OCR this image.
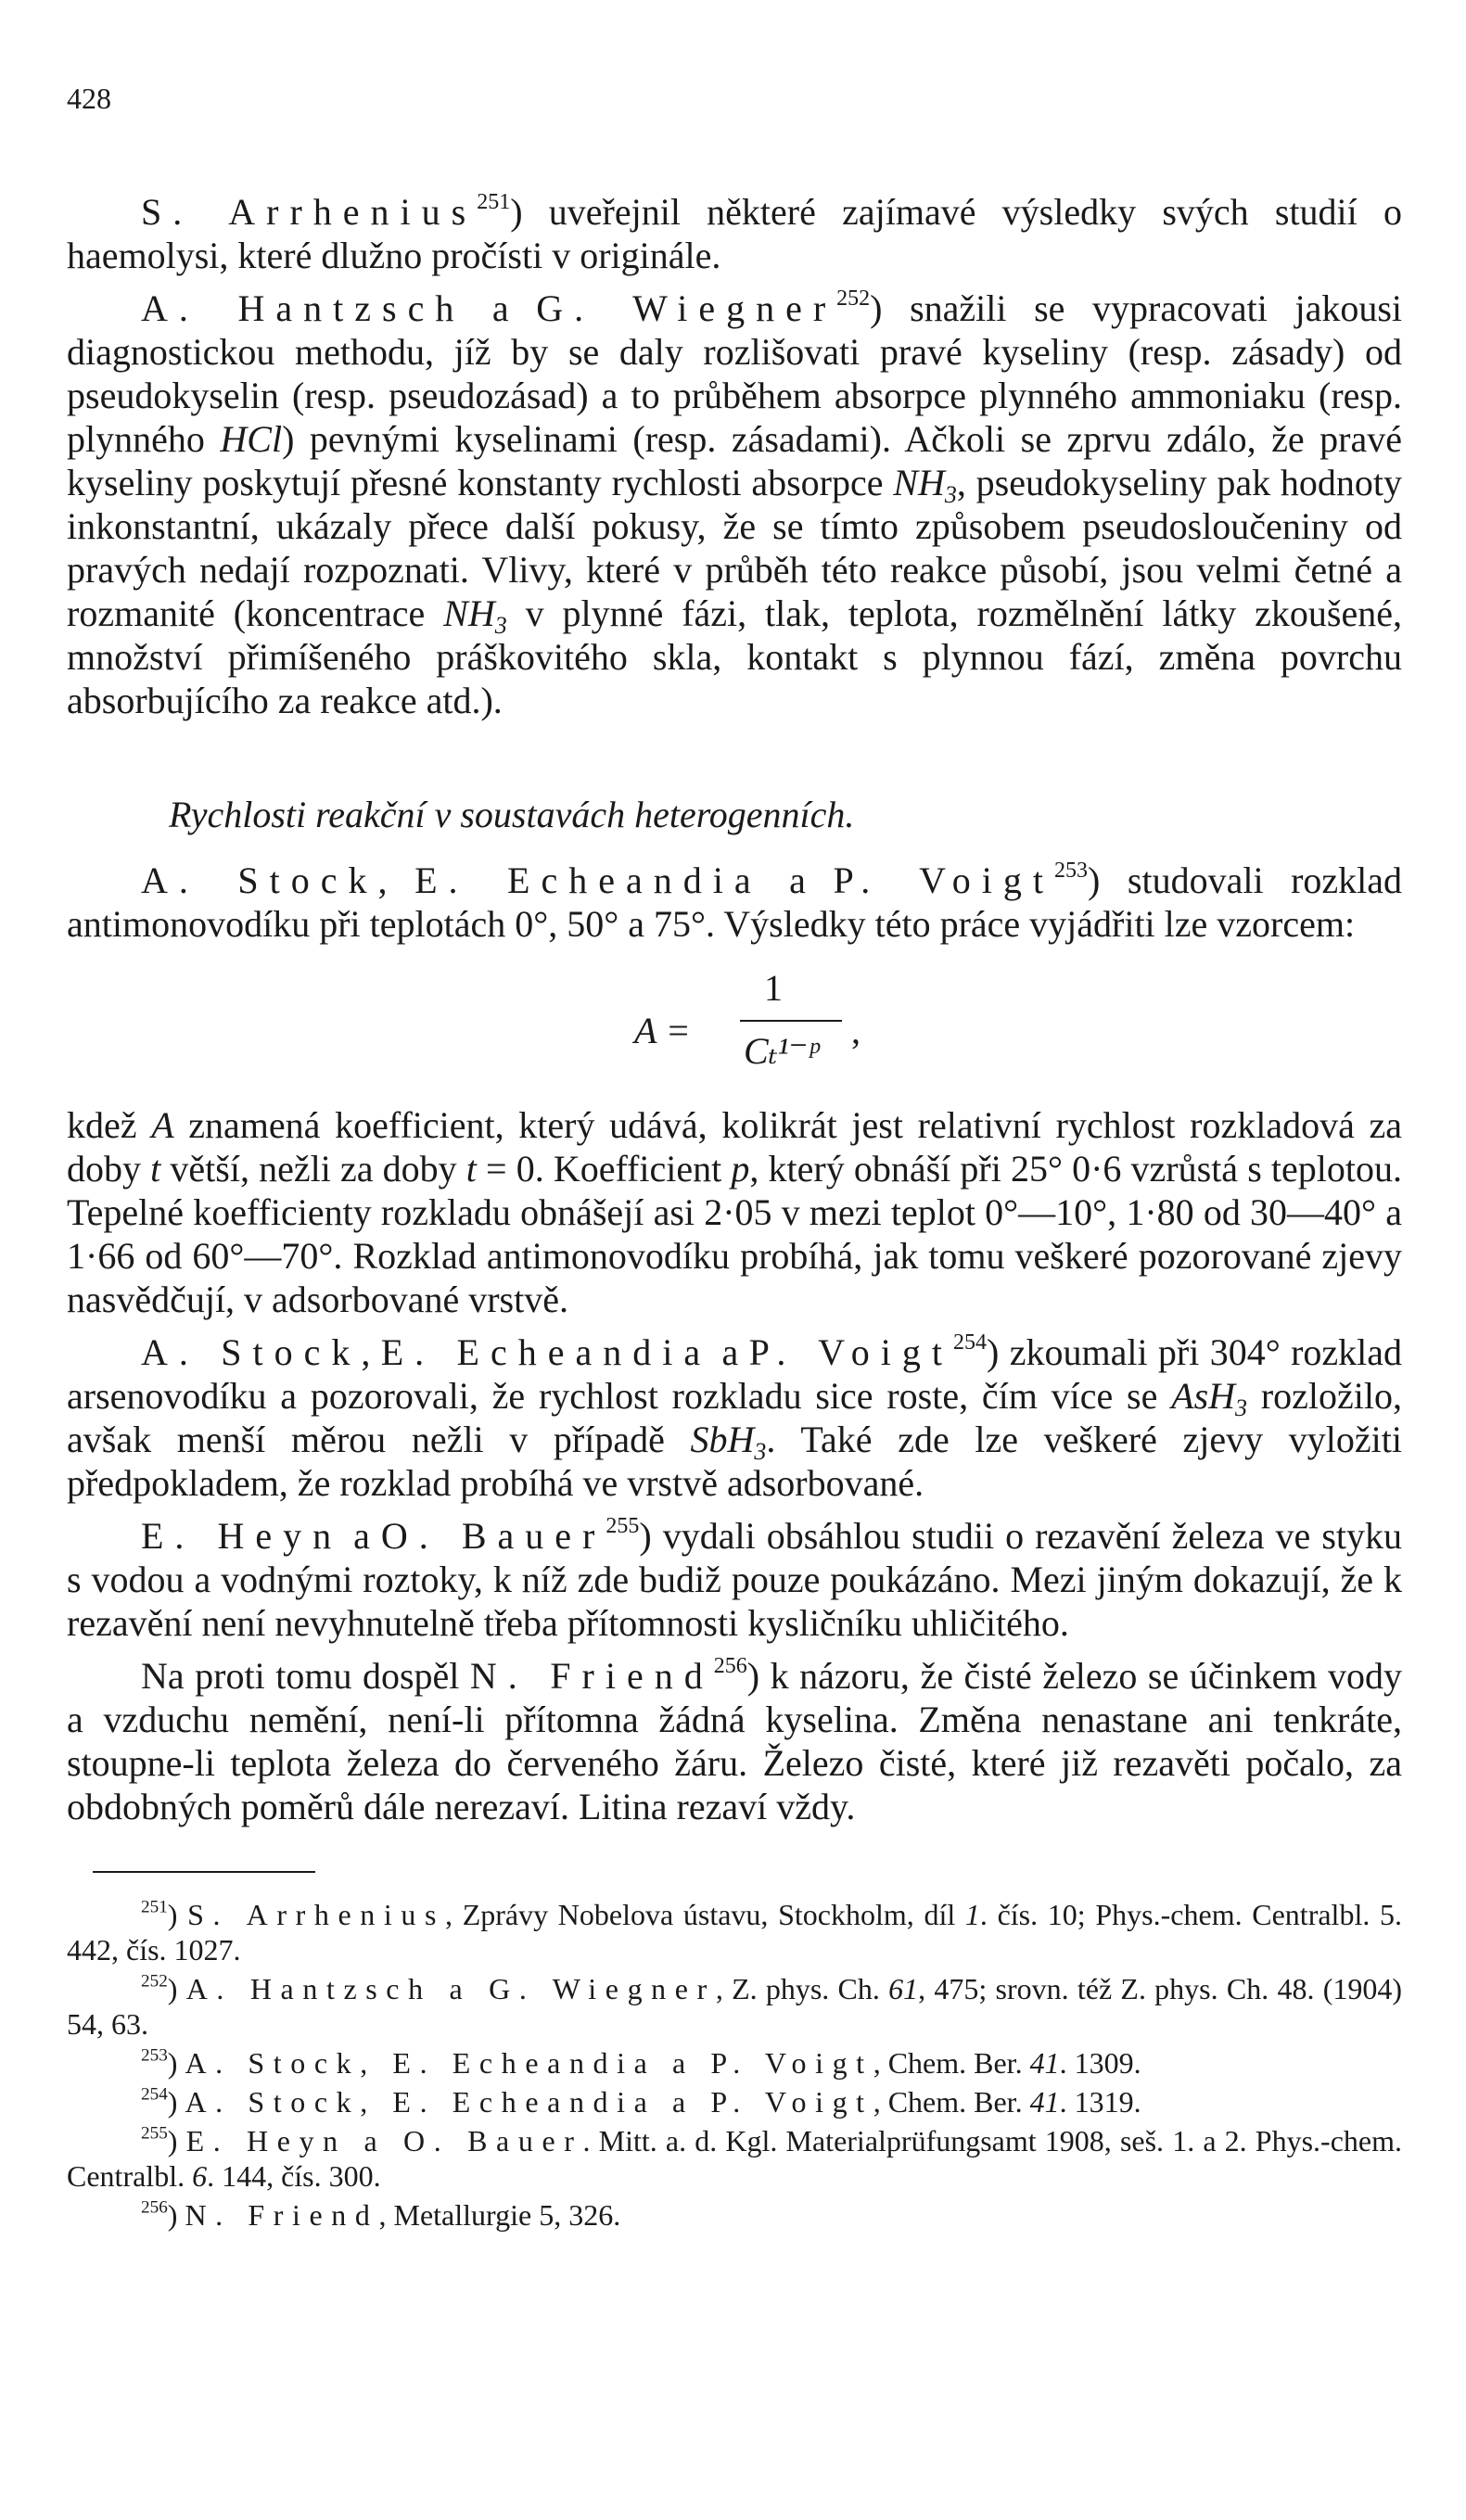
428

S. Arrhenius$^{251}$) uveřejnil některé zajímavé výsledky svých studií o haemolysi, které dlužno pročísti v originále.

A. Hantzsch a G. Wiegner$^{252}$) snažili se vypracovati jakousi diagnostickou methodu, jíž by se daly rozlišovati pravé kyseliny (resp. zásady) od pseudokyselin (resp. pseudozásad) a to průběhem absorpce plynného ammoniaku (resp. plynného HCl) pevnými kyselinami (resp. zásadami). Ačkoli se zprvu zdálo, že pravé kyseliny poskytují přesné konstanty rychlosti absorpce $NH_3$, pseudokyseliny pak hodnoty inkonstantní, ukázaly přece další pokusy, že se tímto způsobem pseudosloučeniny od pravých nedají rozpoznati. Vlivy, které v průběh této reakce působí, jsou velmi četné a rozmanité (koncentrace $NH_3$ v plynné fázi, tlak, teplota, rozmělnění látky zkoušené, množství přimíšeného práškovitého skla, kontakt s plynnou fází, změna povrchu absorbujícího za reakce atd.).

Rychlosti reakční v soustavách heterogenních.

A. Stock, E. Echeandia a P. Voigt$^{253}$) studovali rozklad antimonovodíku při teplotách 0°, 50° a 75°. Výsledky této práce vyjádřiti lze vzorcem:

A =
1
Cₜ¹⁻ᵖ ,

kdež A znamená koefficient, který udává, kolikrát jest relativní rychlost rozkladová za doby t větší, nežli za doby t = 0. Koefficient p, který obnáší při 25° 0·6 vzrůstá s teplotou. Tepelné koefficienty rozkladu obnášejí asi 2·05 v mezi teplot 0°—10°, 1·80 od 30—40° a 1·66 od 60°—70°. Rozklad antimonovodíku probíhá, jak tomu veškeré pozorované zjevy nasvědčují, v adsorbované vrstvě.

A. Stock, E. Echeandia a P. Voigt$^{254}$) zkoumali při 304° rozklad arsenovodíku a pozorovali, že rychlost rozkladu sice roste, čím více se AsH$_3$ rozložilo, avšak menší měrou nežli v případě SbH$_3$. Také zde lze veškeré zjevy vyložiti předpokladem, že rozklad probíhá ve vrstvě adsorbované.

E. Heyn a O. Bauer$^{255}$) vydali obsáhlou studii o rezavění železa ve styku s vodou a vodnými roztoky, k níž zde budiž pouze poukázáno. Mezi jiným dokazují, že k rezavění není nevyhnutelně třeba přítomnosti kysličníku uhličitého.

Na proti tomu dospěl N. Friend$^{256}$) k názoru, že čisté železo se účinkem vody a vzduchu nemění, není-li přítomna žádná kyselina. Změna nenastane ani tenkráte, stoupne-li teplota železa do červeného žáru. Železo čisté, které již rezavěti počalo, za obdobných poměrů dále nerezaví. Litina rezaví vždy.

$^{251}$) S. Arrhenius, Zprávy Nobelova ústavu, Stockholm, díl 1. čís. 10; Phys.-chem. Centralbl. 5. 442, čís. 1027.

$^{252}$) A. Hantzsch a G. Wiegner, Z. phys. Ch. 61, 475; srovn. též Z. phys. Ch. 48. (1904) 54, 63.

$^{253}$) A. Stock, E. Echeandia a P. Voigt, Chem. Ber. 41. 1309.

$^{254}$) A. Stock, E. Echeandia a P. Voigt, Chem. Ber. 41. 1319.

$^{255}$) E. Heyn a O. Bauer. Mitt. a. d. Kgl. Materialprüfungsamt 1908, seš. 1. a 2. Phys.-chem. Centralbl. 6. 144, čís. 300.

$^{256}$) N. Friend, Metallurgie 5, 326.
